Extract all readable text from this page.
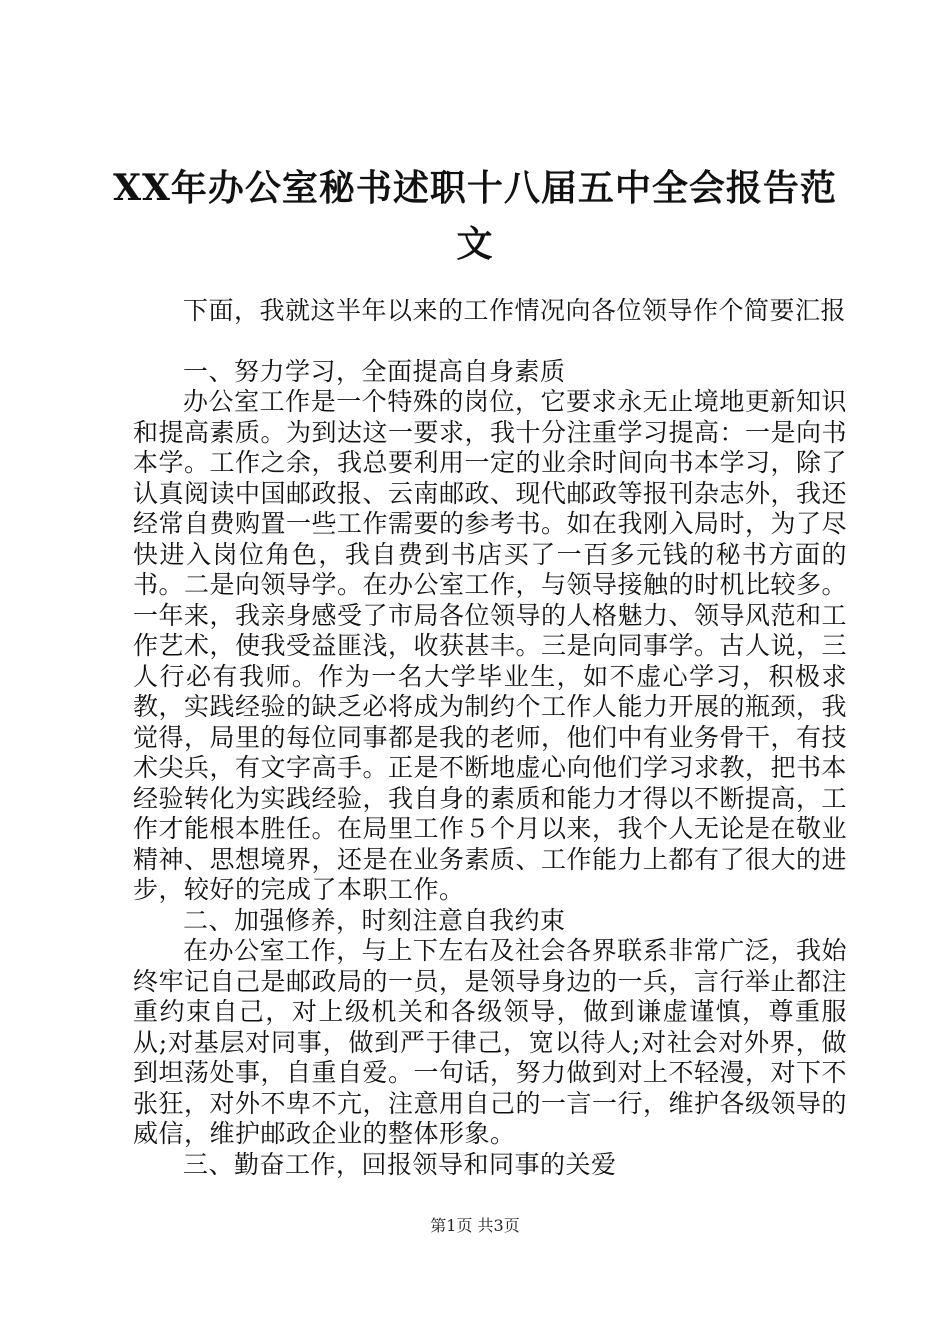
XX年办公室秘书述职十八届五中全会报告范文

下面，我就这半年以来的工作情况向各位领导作个简要汇报

一、努力学习，全面提高自身素质

办公室工作是一个特殊的岗位，它要求永无止境地更新知识和提高素质。为到达这一要求，我十分注重学习提高：一是向书本学。工作之余，我总要利用一定的业余时间向书本学习，除了认真阅读中国邮政报、云南邮政、现代邮政等报刊杂志外，我还经常自费购置一些工作需要的参考书。如在我刚入局时，为了尽快进入岗位角色，我自费到书店买了一百多元钱的秘书方面的书。二是向领导学。在办公室工作，与领导接触的时机比较多。一年来，我亲身感受了市局各位领导的人格魅力、领导风范和工作艺术，使我受益匪浅，收获甚丰。三是向同事学。古人说，三人行必有我师。作为一名大学毕业生，如不虚心学习，积极求教，实践经验的缺乏必将成为制约个工作人能力开展的瓶颈，我觉得，局里的每位同事都是我的老师，他们中有业务骨干，有技术尖兵，有文字高手。正是不断地虚心向他们学习求教，把书本经验转化为实践经验，我自身的素质和能力才得以不断提高，工作才能根本胜任。在局里工作５个月以来，我个人无论是在敬业精神、思想境界，还是在业务素质、工作能力上都有了很大的进步，较好的完成了本职工作。

二、加强修养，时刻注意自我约束

在办公室工作，与上下左右及社会各界联系非常广泛，我始终牢记自己是邮政局的一员，是领导身边的一兵，言行举止都注重约束自己，对上级机关和各级领导，做到谦虚谨慎，尊重服从;对基层对同事，做到严于律己，宽以待人;对社会对外界，做到坦荡处事，自重自爱。一句话，努力做到对上不轻漫，对下不张狂，对外不卑不亢，注意用自己的一言一行，维护各级领导的威信，维护邮政企业的整体形象。

三、勤奋工作，回报领导和同事的关爱

第1页 共3页
